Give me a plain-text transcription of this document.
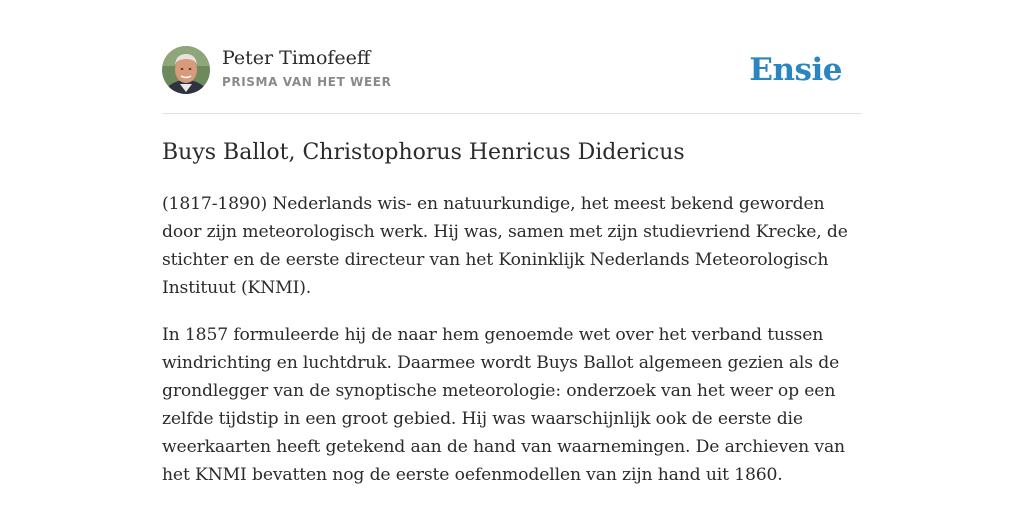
Peter Timofeeff
PRISMA VAN HET WEER	Ensie
Buys Ballot, Christophorus Henricus Didericus

(1817-1890) Nederlands wis- en natuurkundige, het meest bekend geworden door zijn meteorologisch werk. Hij was, samen met zijn studievriend Krecke, de stichter en de eerste directeur van het Koninklijk Nederlands Meteorologisch Instituut (KNMI).

In 1857 formuleerde hij de naar hem genoemde wet over het verband tussen windrichting en luchtdruk. Daarmee wordt Buys Ballot algemeen gezien als de grondlegger van de synoptische meteorologie: onderzoek van het weer op een zelfde tijdstip in een groot gebied. Hij was waarschijnlijk ook de eerste die weerkaarten heeft getekend aan de hand van waarnemingen. De archieven van het KNMI bevatten nog de eerste oefenmodellen van zijn hand uit 1860.
